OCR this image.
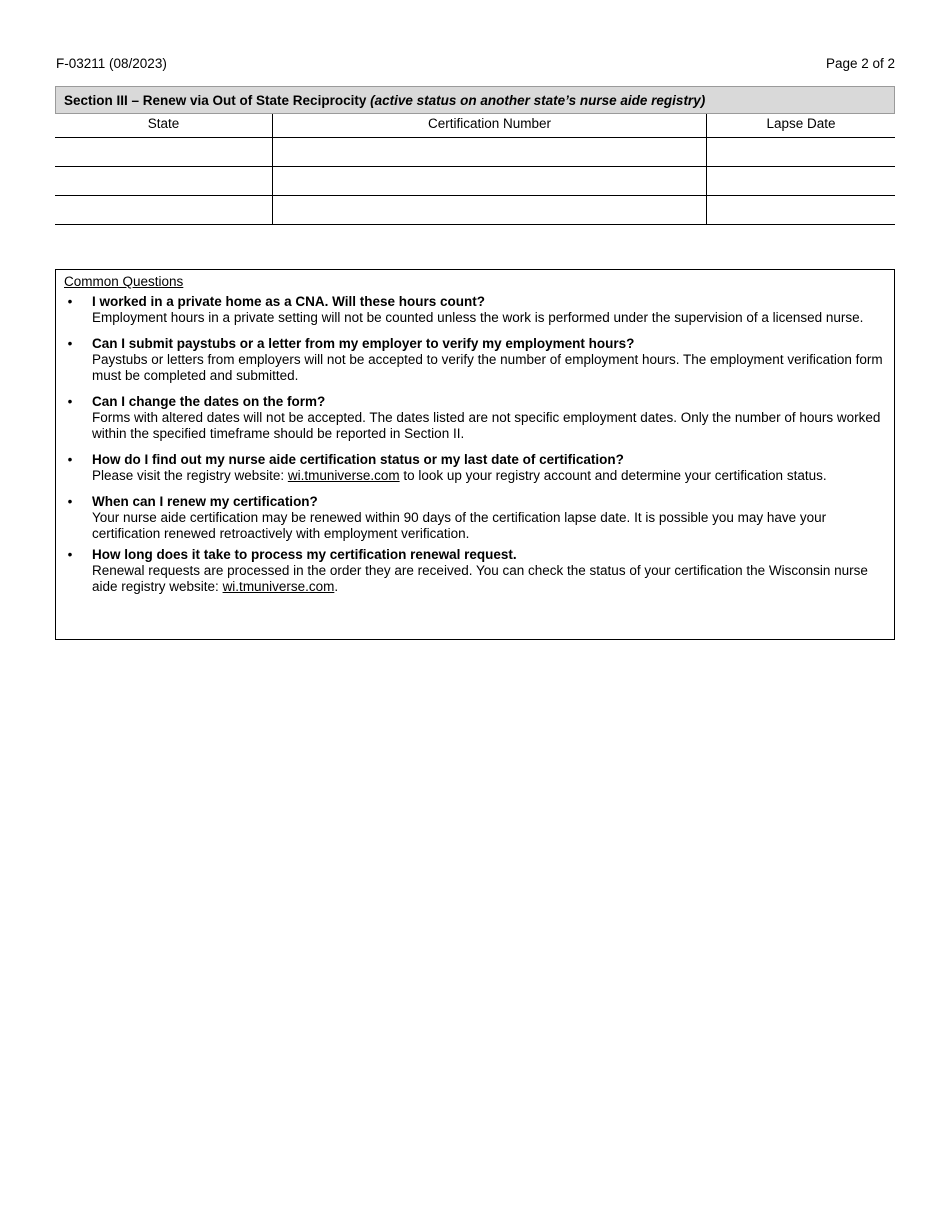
F-03211 (08/2023)	Page 2 of 2
Section III – Renew via Out of State Reciprocity (active status on another state’s nurse aide registry)
State	Certification Number	Lapse Date

Common Questions
• I worked in a private home as a CNA. Will these hours count?
Employment hours in a private setting will not be counted unless the work is performed under the supervision of a licensed nurse.
• Can I submit paystubs or a letter from my employer to verify my employment hours?
Paystubs or letters from employers will not be accepted to verify the number of employment hours. The employment verification form must be completed and submitted.
• Can I change the dates on the form?
Forms with altered dates will not be accepted. The dates listed are not specific employment dates. Only the number of hours worked within the specified timeframe should be reported in Section II.
• How do I find out my nurse aide certification status or my last date of certification?
Please visit the registry website: wi.tmuniverse.com to look up your registry account and determine your certification status.
• When can I renew my certification?
Your nurse aide certification may be renewed within 90 days of the certification lapse date. It is possible you may have your certification renewed retroactively with employment verification.
• How long does it take to process my certification renewal request.
Renewal requests are processed in the order they are received. You can check the status of your certification the Wisconsin nurse aide registry website: wi.tmuniverse.com.
